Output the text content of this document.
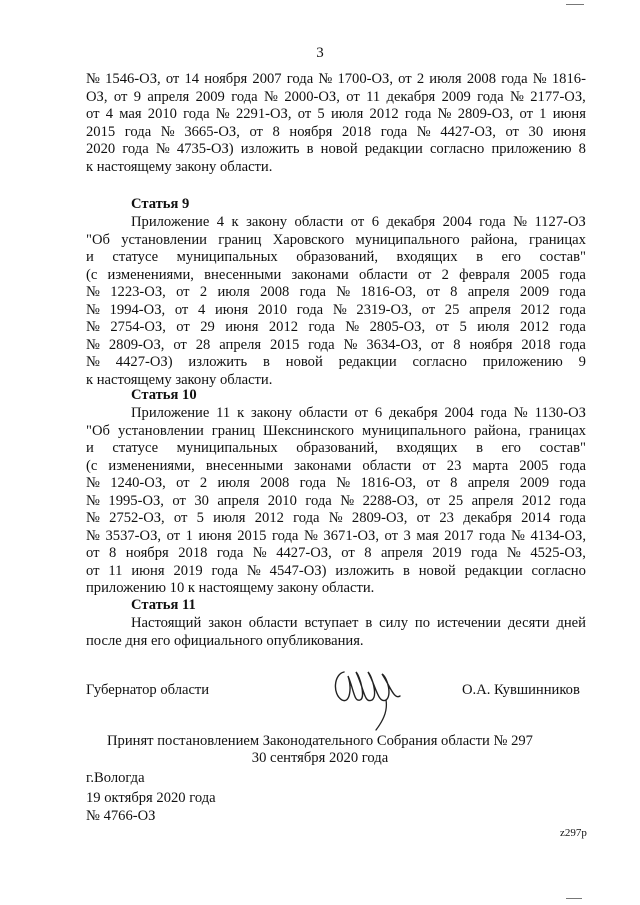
3
№ 1546-ОЗ, от 14 ноября 2007 года № 1700-ОЗ, от 2 июля 2008 года № 1816-
ОЗ, от 9 апреля 2009 года № 2000-ОЗ, от 11 декабря 2009 года № 2177-ОЗ,
от 4 мая 2010 года № 2291-ОЗ, от 5 июля 2012 года № 2809-ОЗ, от 1 июня
2015 года № 3665-ОЗ, от 8 ноября 2018 года № 4427-ОЗ, от 30 июня
2020 года № 4735-ОЗ) изложить в новой редакции согласно приложению 8
к настоящему закону области.
Статья 9
Приложение 4 к закону области от 6 декабря 2004 года № 1127-ОЗ
"Об установлении границ Харовского муниципального района, границах
и статусе муниципальных образований, входящих в его состав"
(с изменениями, внесенными законами области от 2 февраля 2005 года
№ 1223-ОЗ, от 2 июля 2008 года № 1816-ОЗ, от 8 апреля 2009 года
№ 1994-ОЗ, от 4 июня 2010 года № 2319-ОЗ, от 25 апреля 2012 года
№ 2754-ОЗ, от 29 июня 2012 года № 2805-ОЗ, от 5 июля 2012 года
№ 2809-ОЗ, от 28 апреля 2015 года № 3634-ОЗ, от 8 ноября 2018 года
№ 4427-ОЗ) изложить в новой редакции согласно приложению 9
к настоящему закону области.
Статья 10
Приложение 11 к закону области от 6 декабря 2004 года № 1130-ОЗ
"Об установлении границ Шекснинского муниципального района, границах
и статусе муниципальных образований, входящих в его состав"
(с изменениями, внесенными законами области от 23 марта 2005 года
№ 1240-ОЗ, от 2 июля 2008 года № 1816-ОЗ, от 8 апреля 2009 года
№ 1995-ОЗ, от 30 апреля 2010 года № 2288-ОЗ, от 25 апреля 2012 года
№ 2752-ОЗ, от 5 июля 2012 года № 2809-ОЗ, от 23 декабря 2014 года
№ 3537-ОЗ, от 1 июня 2015 года № 3671-ОЗ, от 3 мая 2017 года № 4134-ОЗ,
от 8 ноября 2018 года № 4427-ОЗ, от 8 апреля 2019 года № 4525-ОЗ,
от 11 июня 2019 года № 4547-ОЗ) изложить в новой редакции согласно
приложению 10 к настоящему закону области.
Статья 11
Настоящий закон области вступает в силу по истечении десяти дней
после дня его официального опубликования.
Губернатор области	О.А. Кувшинников
Принят постановлением Законодательного Собрания области № 297
30 сентября 2020 года
г.Вологда
19 октября 2020 года
№ 4766-ОЗ
z297p
